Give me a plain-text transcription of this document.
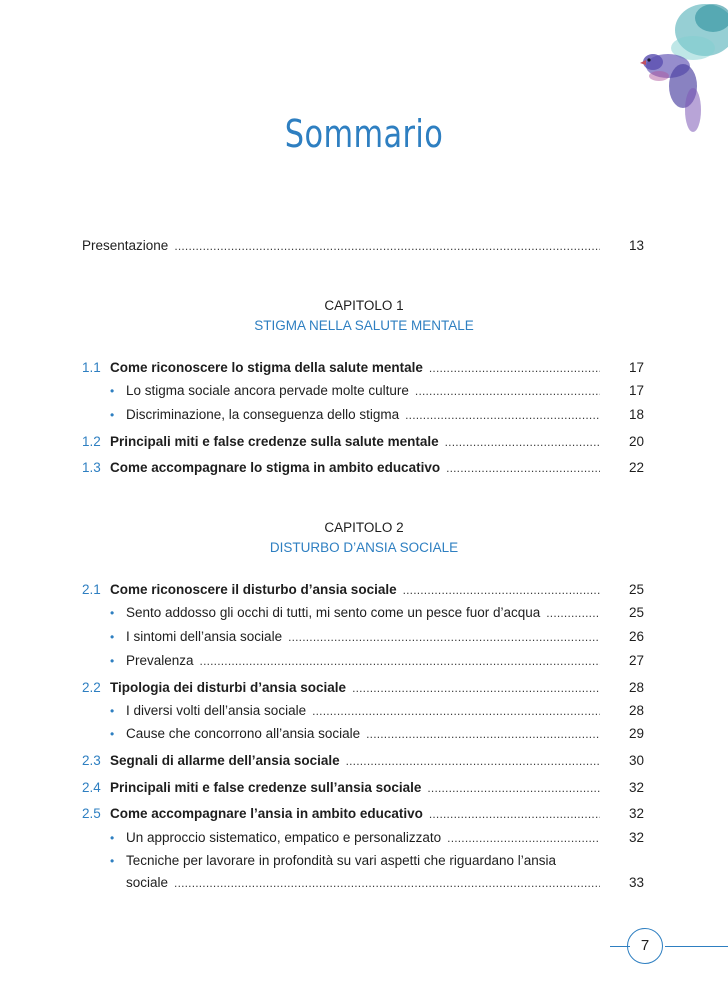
Sommario
Presentazione .....	13
CAPITOLO 1
STIGMA NELLA SALUTE MENTALE
1.1 Come riconoscere lo stigma della salute mentale .....	17
• Lo stigma sociale ancora pervade molte culture .....	17
• Discriminazione, la conseguenza dello stigma .....	18
1.2 Principali miti e false credenze sulla salute mentale .....	20
1.3 Come accompagnare lo stigma in ambito educativo .....	22
CAPITOLO 2
DISTURBO D’ANSIA SOCIALE
2.1 Come riconoscere il disturbo d’ansia sociale .....	25
• Sento addosso gli occhi di tutti, mi sento come un pesce fuor d’acqua .....	25
• I sintomi dell’ansia sociale .....	26
• Prevalenza .....	27
2.2 Tipologia dei disturbi d’ansia sociale .....	28
• I diversi volti dell’ansia sociale .....	28
• Cause che concorrono all’ansia sociale .....	29
2.3 Segnali di allarme dell’ansia sociale .....	30
2.4 Principali miti e false credenze sull’ansia sociale .....	32
2.5 Come accompagnare l’ansia in ambito educativo .....	32
• Un approccio sistematico, empatico e personalizzato .....	32
• Tecniche per lavorare in profondità su vari aspetti che riguardano l’ansia
sociale .....	33
7
